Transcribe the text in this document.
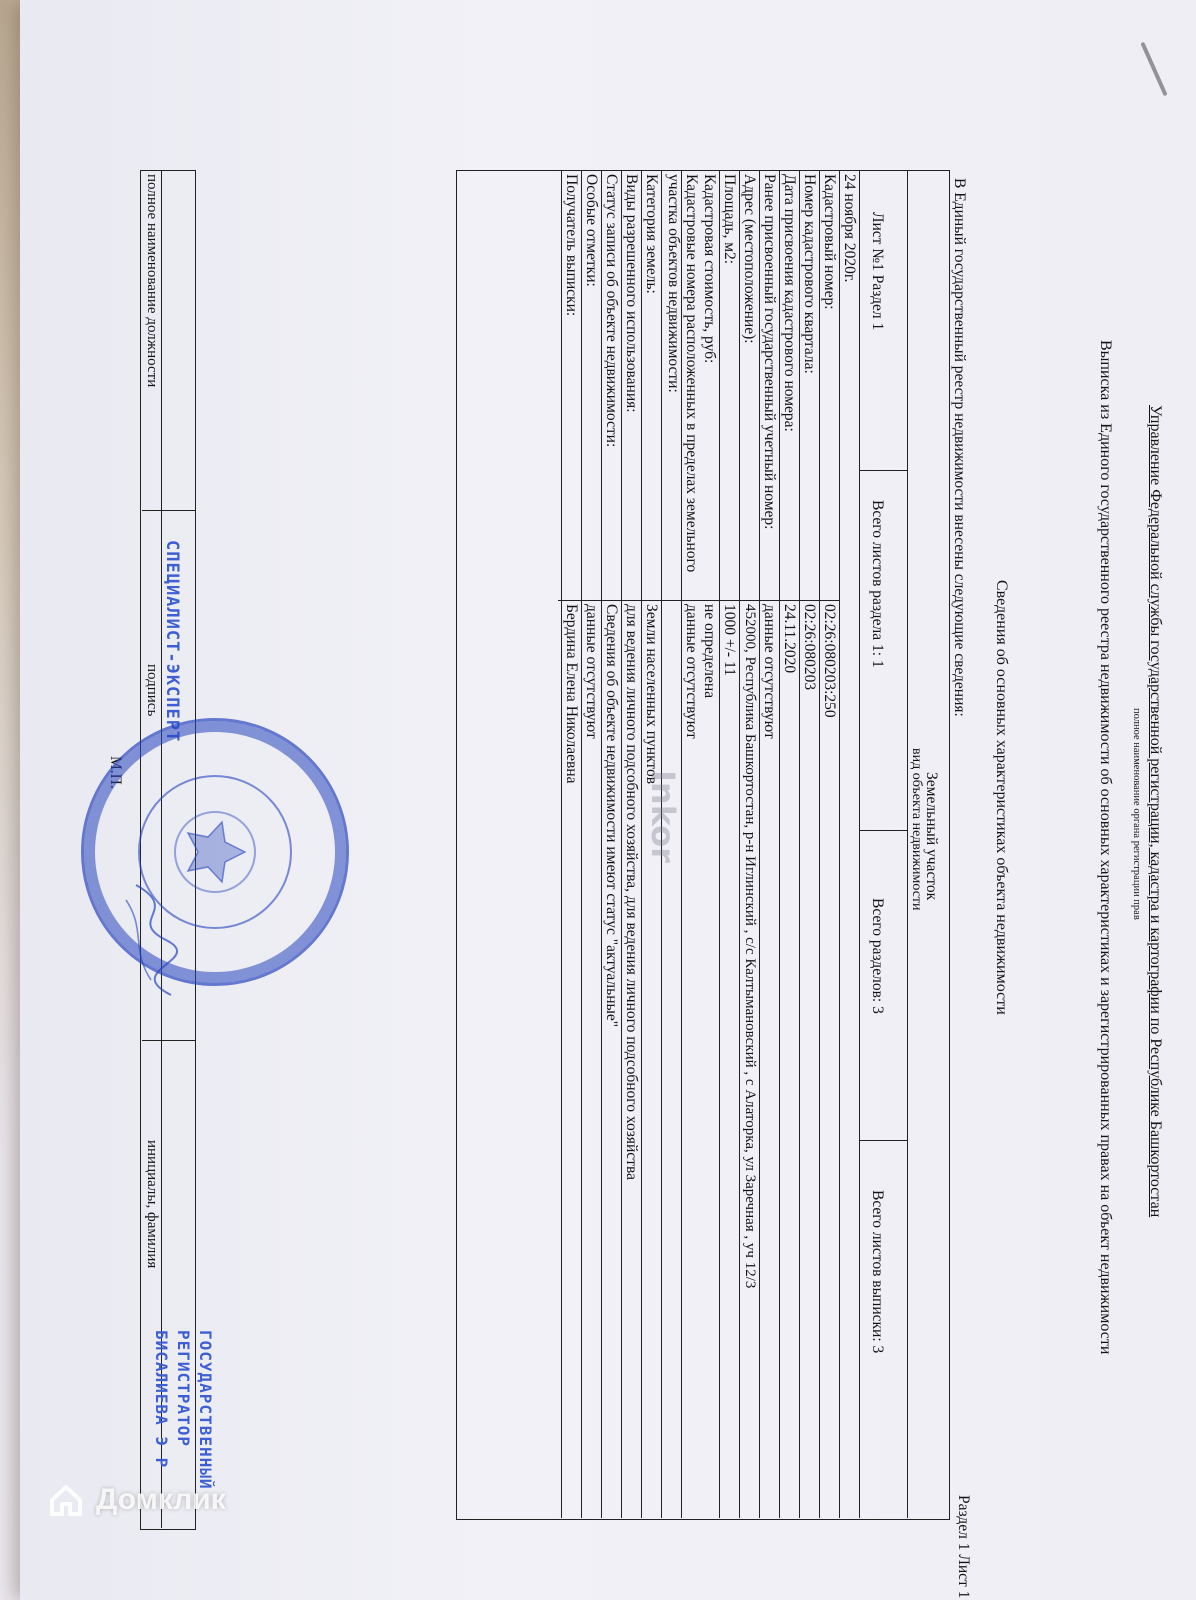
Управление Федеральной службы государственной регистрации, кадастра и картографии по Республике Башкортостан
полное наименование органа регистрации прав
Выписка из Единого государственного реестра недвижимости об основных характеристиках и зарегистрированных правах на объект недвижимости
Сведения об основных характеристиках объекта недвижимости
Раздел 1 Лист 1
В Единый государственный реестр недвижимости внесены следующие сведения:
Земельный участок
вид объекта недвижимости
Лист №1 Раздел 1
Всего листов раздела 1: 1
Всего разделов: 3
Всего листов выписки: 3
24 ноября 2020г.
Кадастровый номер:
02:26:080203:250
Номер кадастрового квартала:
02:26:080203
Дата присвоения кадастрового номера:
24.11.2020
Ранее присвоенный государственный учетный номер:
данные отсутствуют
Адрес (местоположение):
452000, Республика Башкортостан, р-н Иглинский , с/с Калтымановский , с Алаторка, ул Заречная , уч 12/3
Площадь, м2:
1000 +/- 11
Кадастровая стоимость, руб:
не определена
Кадастровые номера расположенных в пределах земельного
участка объектов недвижимости:
данные отсутствуют
Категория земель:
Земли населенных пунктов
Виды разрешенного использования:
для ведения личного подсобного хозяйства, для ведения личного подсобного хозяйства
Статус записи об объекте недвижимости:
Сведения об объекте недвижимости имеют статус "актуальные"
Особые отметки:
данные отсутствуют
Получатель выписки:
Бердина Елена Николаевна
полное наименование должности
подпись
инициалы, фамилия
М.П.
СПЕЦИАЛИСТ-ЭКСПЕРТ
ГОСУДАРСТВЕННЫЙ
РЕГИСТРАТОР
БИСАЛИЕВА Э Р
Inkor
Домклик
